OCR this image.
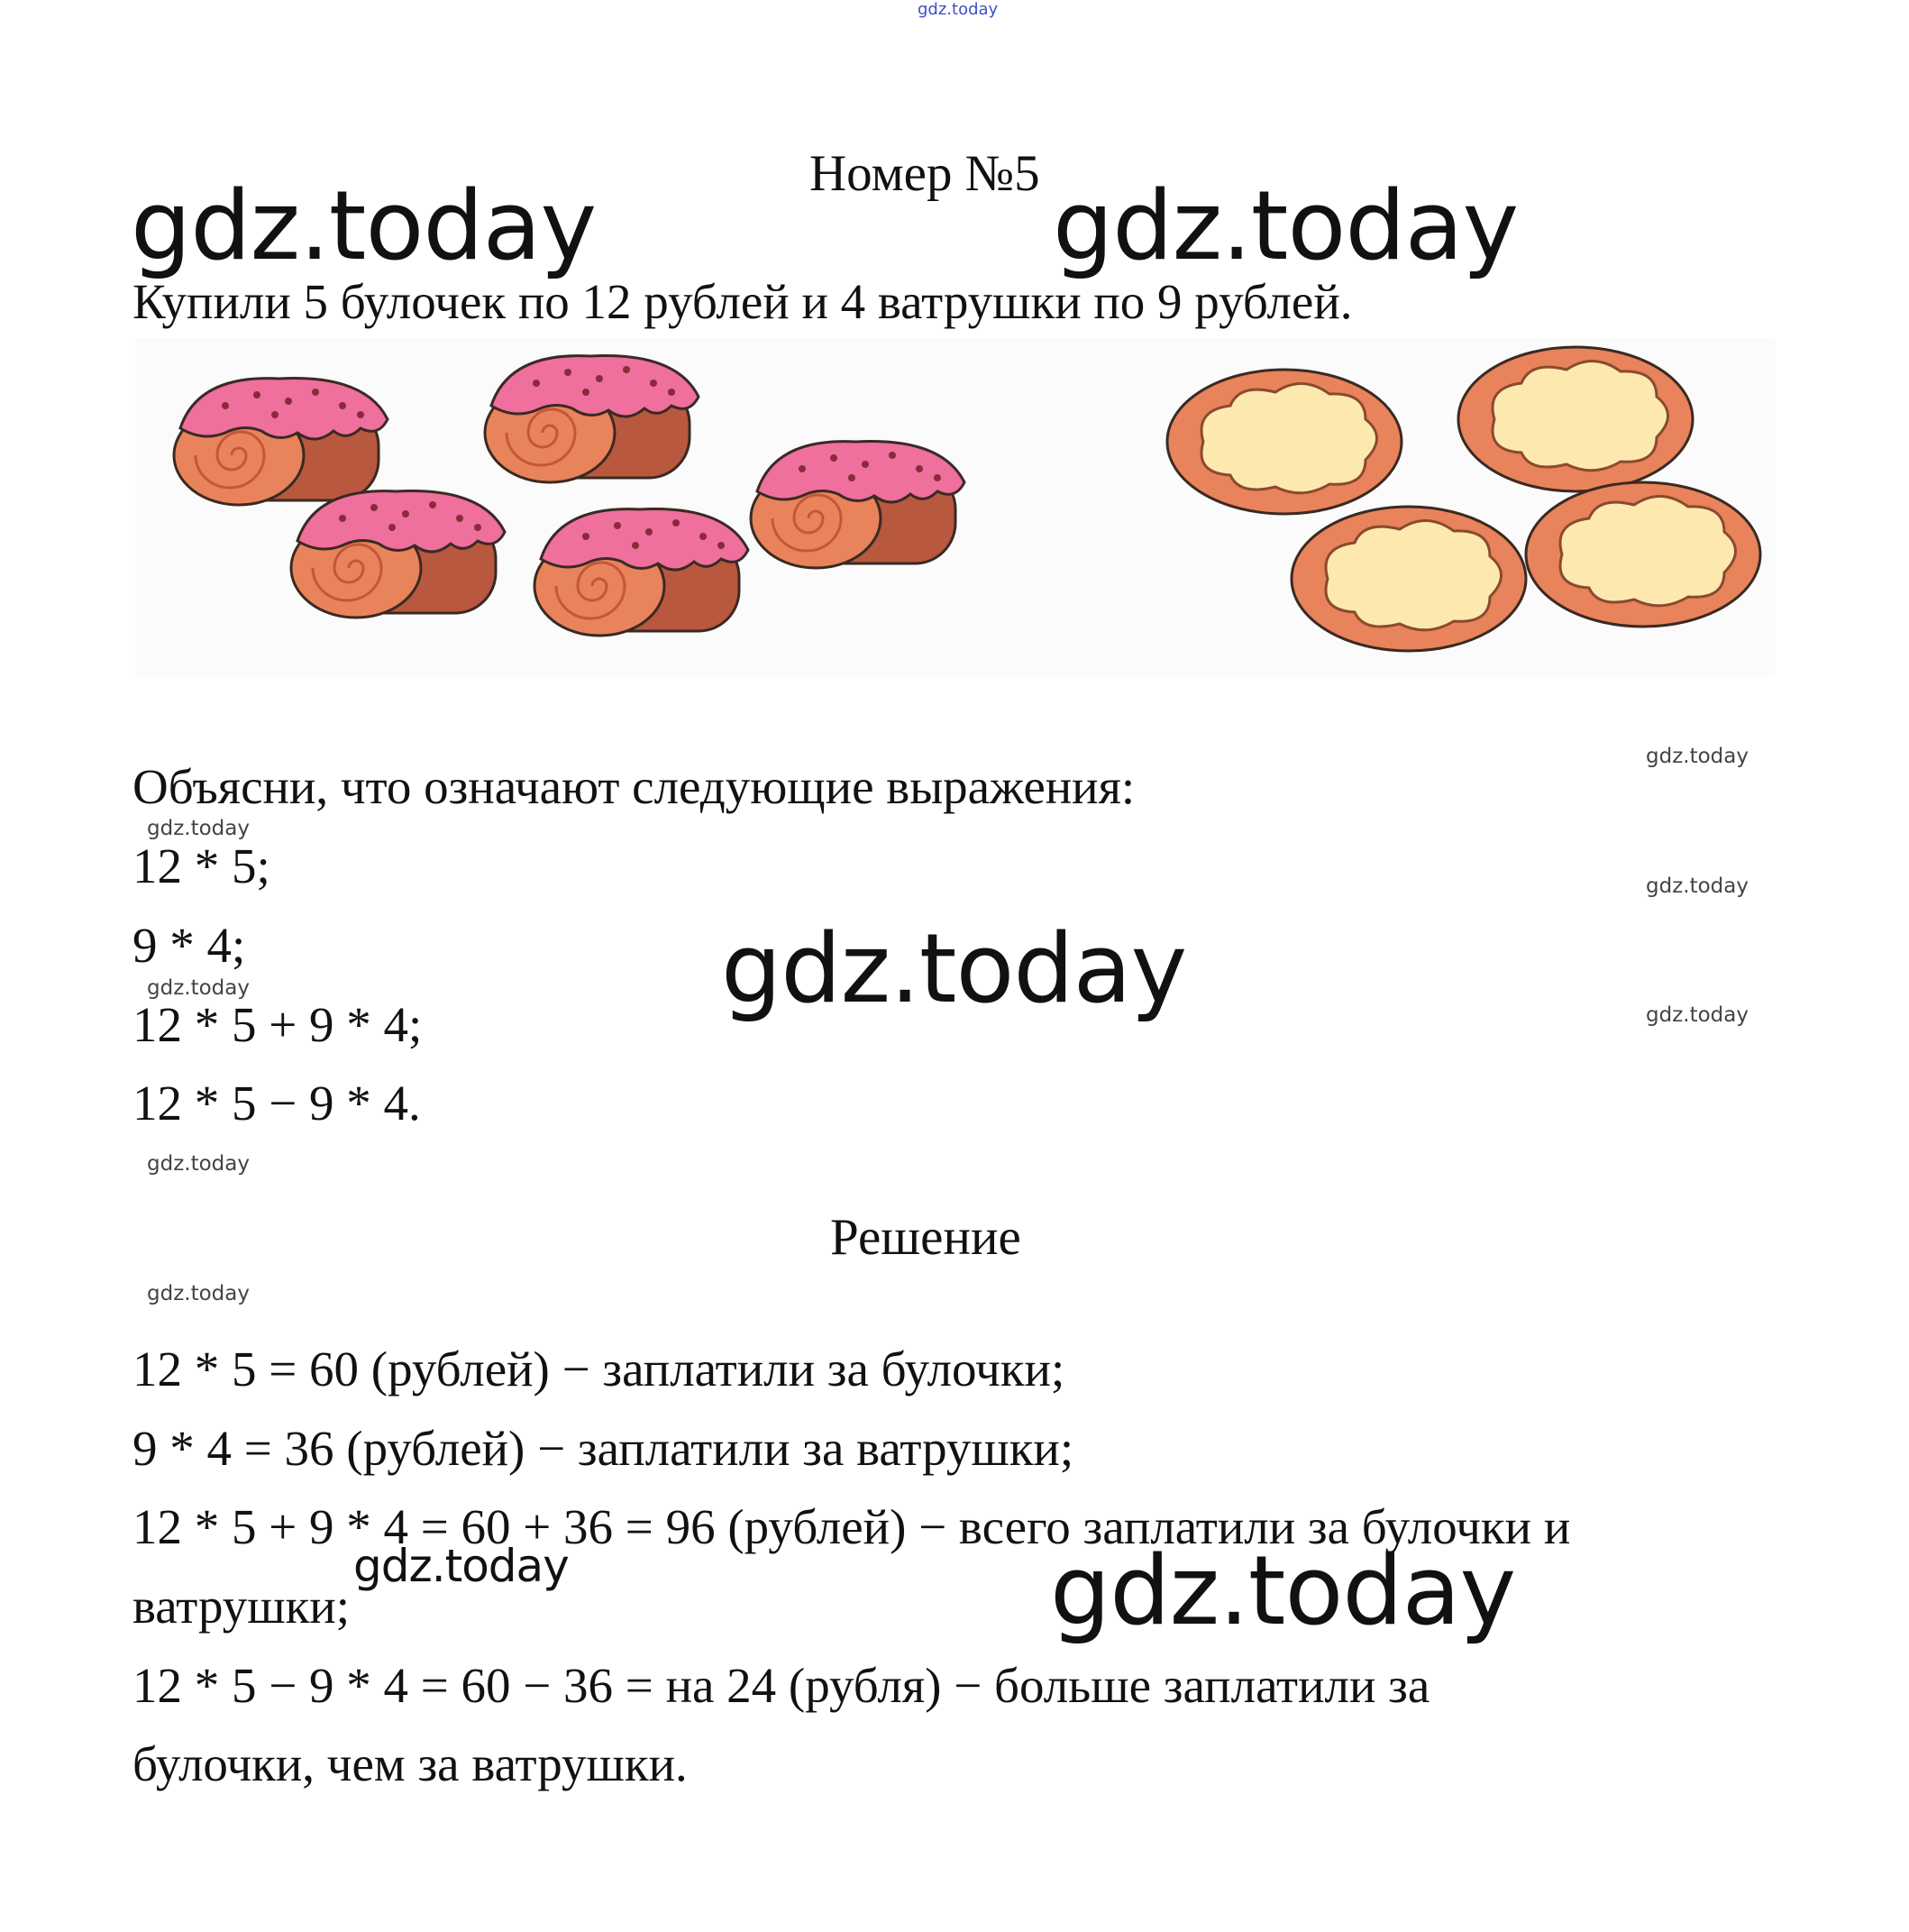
gdz.today
gdz.today	gdz.today
gdz.today
gdz.today
gdz.today
gdz.today
gdz.today
gdz.today
gdz.today
gdz.today
gdz.today
gdz.today
Номер №5
Купили 5 булочек по 12 рублей и 4 ватрушки по 9 рублей.
Объясни, что означают следующие выражения:
12 * 5;
9 * 4;
12 * 5 + 9 * 4;
12 * 5 − 9 * 4.
Решение
12 * 5 = 60 (рублей) − заплатили за булочки;
9 * 4 = 36 (рублей) − заплатили за ватрушки;
12 * 5 + 9 * 4 = 60 + 36 = 96 (рублей) − всего заплатили за булочки и
ватрушки;
12 * 5 − 9 * 4 = 60 − 36 = на 24 (рубля) − больше заплатили за
булочки, чем за ватрушки.
